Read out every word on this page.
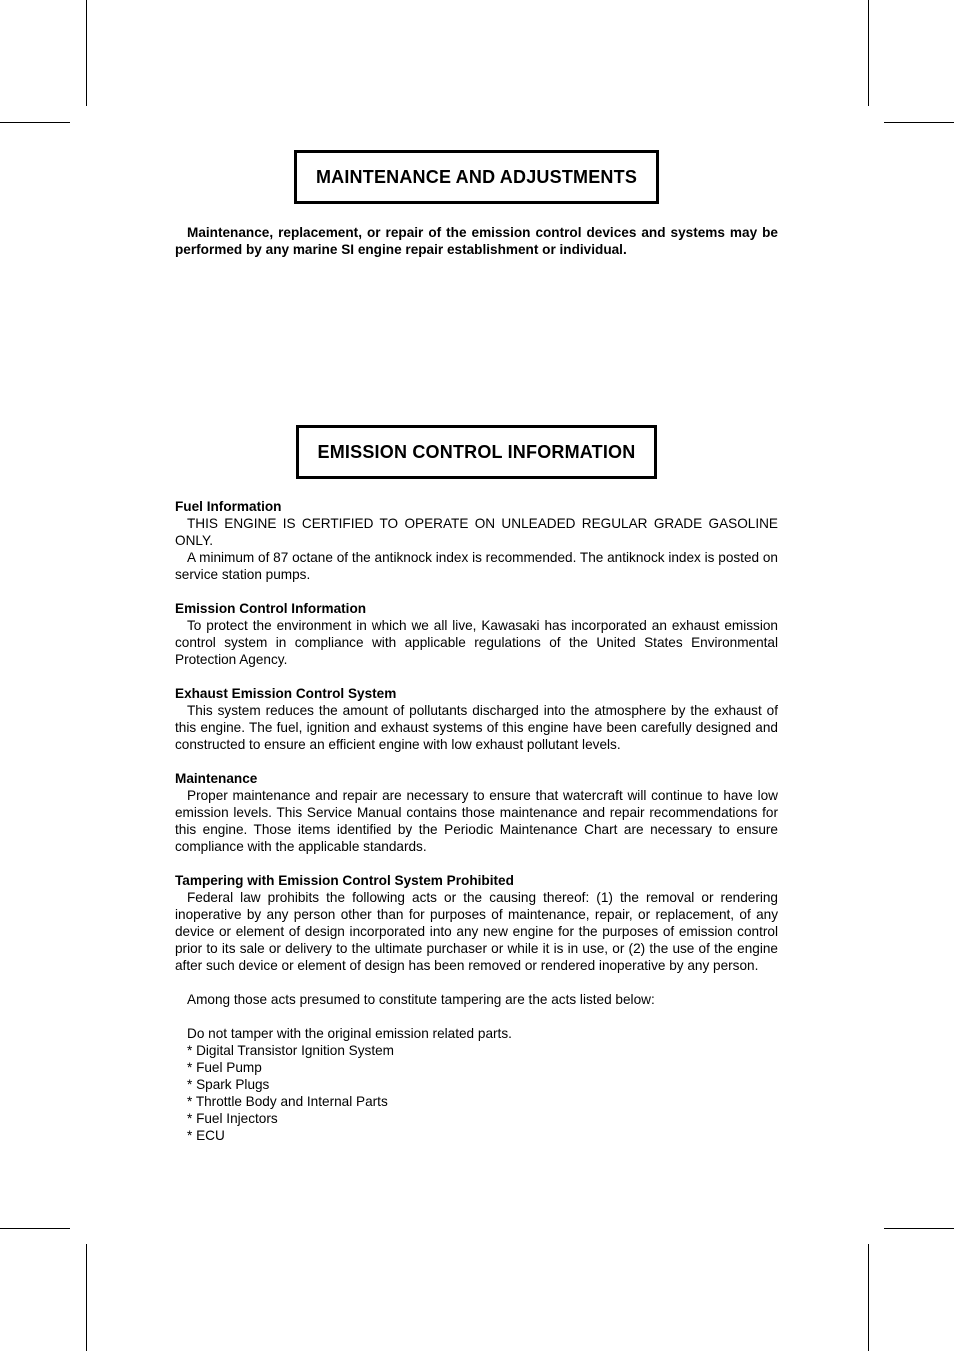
MAINTENANCE AND ADJUSTMENTS

Maintenance, replacement, or repair of the emission control devices and systems may be performed by any marine SI engine repair establishment or individual.

EMISSION CONTROL INFORMATION
Fuel Information

THIS ENGINE IS CERTIFIED TO OPERATE ON UNLEADED REGULAR GRADE GASOLINE ONLY.

A minimum of 87 octane of the antiknock index is recommended. The antiknock index is posted on service station pumps.

Emission Control Information

To protect the environment in which we all live, Kawasaki has incorporated an exhaust emission control system in compliance with applicable regulations of the United States Environmental Protection Agency.

Exhaust Emission Control System

This system reduces the amount of pollutants discharged into the atmosphere by the exhaust of this engine. The fuel, ignition and exhaust systems of this engine have been carefully designed and constructed to ensure an efficient engine with low exhaust pollutant levels.

Maintenance

Proper maintenance and repair are necessary to ensure that watercraft will continue to have low emission levels. This Service Manual contains those maintenance and repair recommendations for this engine. Those items identified by the Periodic Maintenance Chart are necessary to ensure compliance with the applicable standards.

Tampering with Emission Control System Prohibited

Federal law prohibits the following acts or the causing thereof: (1) the removal or rendering inoperative by any person other than for purposes of maintenance, repair, or replacement, of any device or element of design incorporated into any new engine for the purposes of emission control prior to its sale or delivery to the ultimate purchaser or while it is in use, or (2) the use of the engine after such device or element of design has been removed or rendered inoperative by any person.

Among those acts presumed to constitute tampering are the acts listed below:

Do not tamper with the original emission related parts.

* Digital Transistor Ignition System
* Fuel Pump
* Spark Plugs
* Throttle Body and Internal Parts
* Fuel Injectors
* ECU
